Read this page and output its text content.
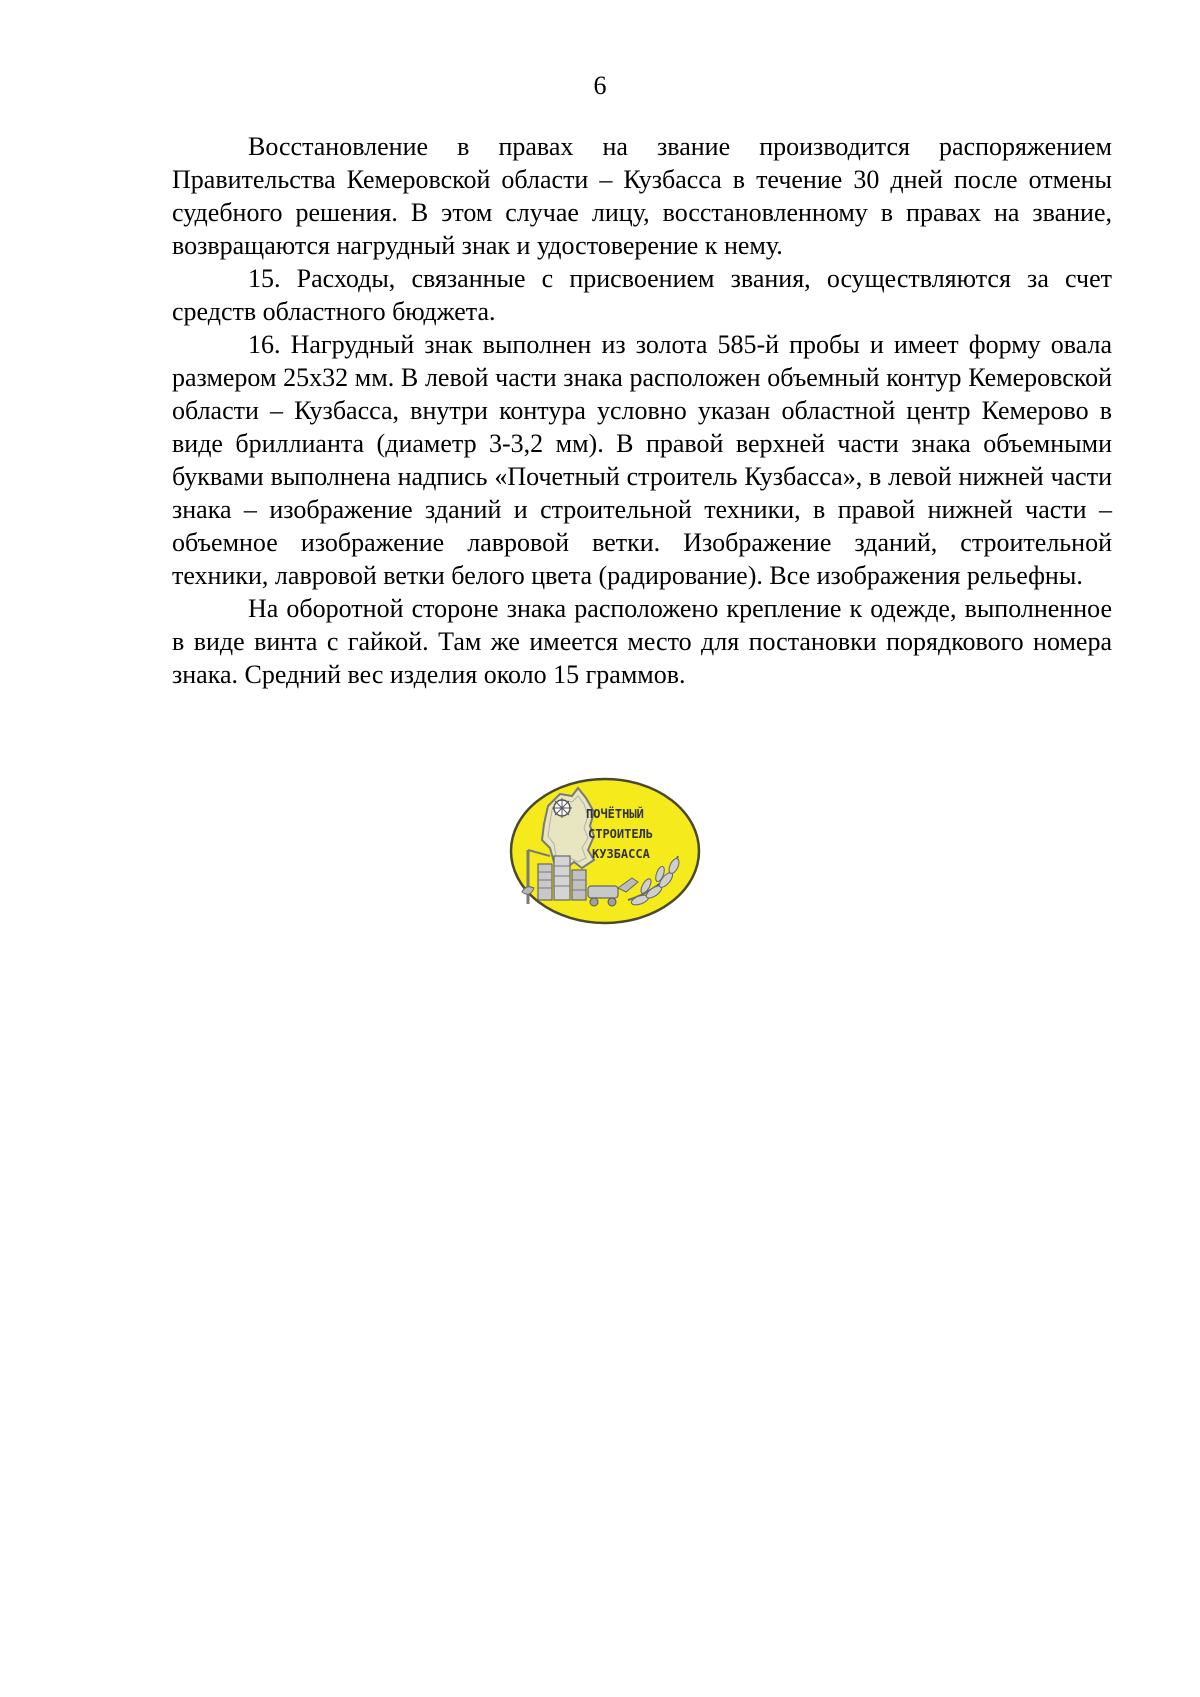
6

Восстановление в правах на звание производится распоряжением Правительства Кемеровской области – Кузбасса в течение 30 дней после отмены судебного решения. В этом случае лицу, восстановленному в правах на звание, возвращаются нагрудный знак и удостоверение к нему.

15. Расходы, связанные с присвоением звания, осуществляются за счет средств областного бюджета.

16. Нагрудный знак выполнен из золота 585-й пробы и имеет форму овала размером 25х32 мм. В левой части знака расположен объемный контур Кемеровской области – Кузбасса, внутри контура условно указан областной центр Кемерово в виде бриллианта (диаметр 3-3,2 мм). В правой верхней части знака объемными буквами выполнена надпись «Почетный строитель Кузбасса», в левой нижней части знака – изображение зданий и строительной техники, в правой нижней части – объемное изображение лавровой ветки. Изображение зданий, строительной техники, лавровой ветки белого цвета (радирование). Все изображения рельефны.

На оборотной стороне знака расположено крепление к одежде, выполненное в виде винта с гайкой. Там же имеется место для постановки порядкового номера знака. Средний вес изделия около 15 граммов.

ПОЧЁТНЫЙ
СТРОИТЕЛЬ
КУЗБАССА
